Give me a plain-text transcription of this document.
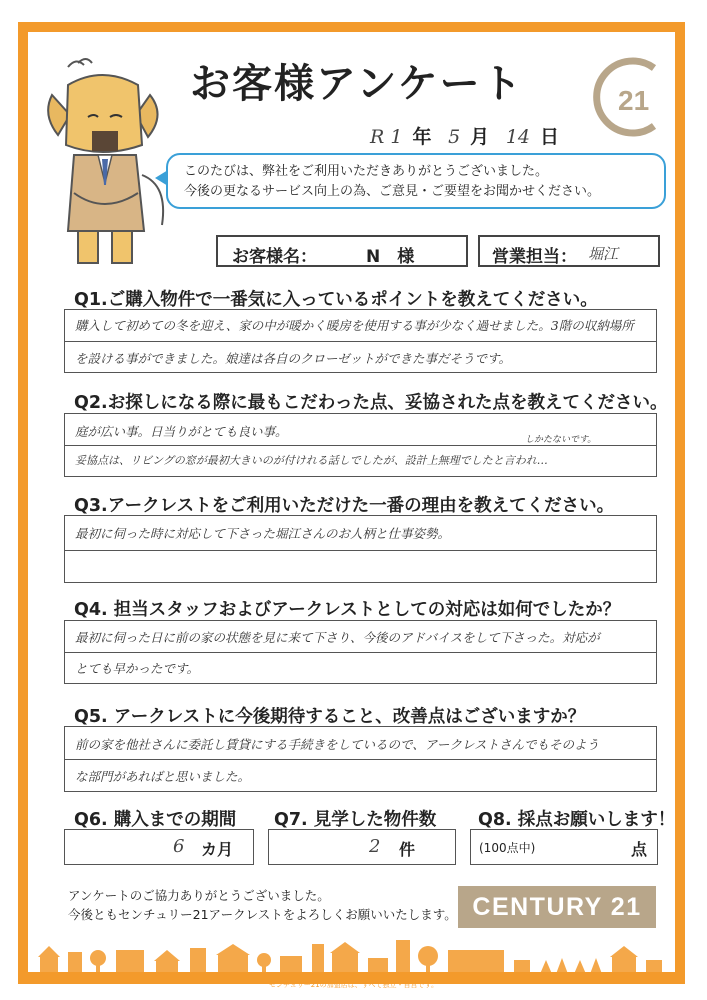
お客様アンケート	21
R 1 年 5 月 14 日
このたびは、弊社をご利用いただきありがとうございました。
今後の更なるサービス向上の為、ご意見・ご要望をお聞かせください。
お客様名：	N　様	営業担当： 堀江
Q1.ご購入物件で一番気に入っているポイントを教えてください。
購入して初めての冬を迎え、家の中が暖かく暖房を使用する事が少なく過せました。3階の収納場所
を設ける事ができました。娘達は各自のクローゼットができた事だそうです。
Q2.お探しになる際に最もこだわった点、妥協された点を教えてください。
庭が広い事。日当りがとても良い事。
しかたないです。
妥協点は、リビングの窓が最初大きいのが付けれる話しでしたが、設計上無理でしたと言われ…
Q3.アークレストをご利用いただけた一番の理由を教えてください。
最初に伺った時に対応して下さった堀江さんのお人柄と仕事姿勢。
Q4. 担当スタッフおよびアークレストとしての対応は如何でしたか？
最初に伺った日に前の家の状態を見に来て下さり、今後のアドバイスをして下さった。対応が
とても早かったです。
Q5. アークレストに今後期待すること、改善点はございますか？
前の家を他社さんに委託し賃貸にする手続きをしているので、アークレストさんでもそのよう
な部門があればと思いました。
Q6. 購入までの期間 Q7. 見学した物件数 Q8. 採点お願いします！
6 カ月	2 件	(100点中)	点
アンケートのご協力ありがとうございました。
今後ともセンチュリー21アークレストをよろしくお願いいたします。 CENTURY 21
センチュリー21の加盟店は、すべて独立・自営です。
